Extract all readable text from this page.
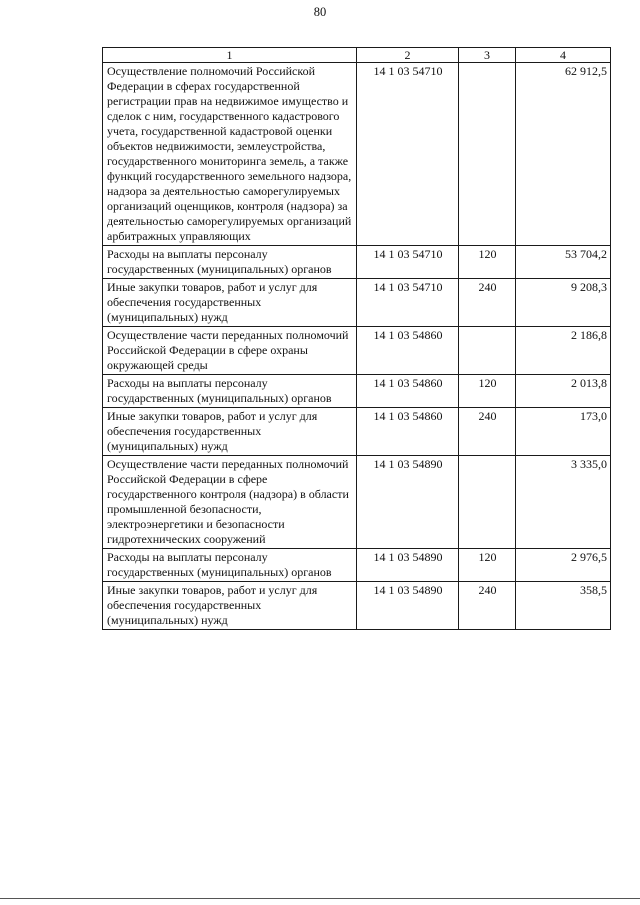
80
1	2	3	4
Осуществление полномочий Российской Федерации в сферах государственной регистрации прав на недвижимое имущество и сделок с ним, государственного кадастрового учета, государственной кадастровой оценки объектов недвижимости, землеустройства, государственного мониторинга земель, а также функций государственного земельного надзора, надзора за деятельностью саморегулируемых организаций оценщиков, контроля (надзора) за деятельностью саморегулируемых организаций арбитражных управляющих	14 1 03 54710		62 912,5
Расходы на выплаты персоналу государственных (муниципальных) органов	14 1 03 54710	120	53 704,2
Иные закупки товаров, работ и услуг для обеспечения государственных (муниципальных) нужд	14 1 03 54710	240	9 208,3
Осуществление части переданных полномочий Российской Федерации в сфере охраны окружающей среды	14 1 03 54860		2 186,8
Расходы на выплаты персоналу государственных (муниципальных) органов	14 1 03 54860	120	2 013,8
Иные закупки товаров, работ и услуг для обеспечения государственных (муниципальных) нужд	14 1 03 54860	240	173,0
Осуществление части переданных полномочий Российской Федерации в сфере государственного контроля (надзора) в области промышленной безопасности, электроэнергетики и безопасности гидротехнических сооружений	14 1 03 54890		3 335,0
Расходы на выплаты персоналу государственных (муниципальных) органов	14 1 03 54890	120	2 976,5
Иные закупки товаров, работ и услуг для обеспечения государственных (муниципальных) нужд	14 1 03 54890	240	358,5
